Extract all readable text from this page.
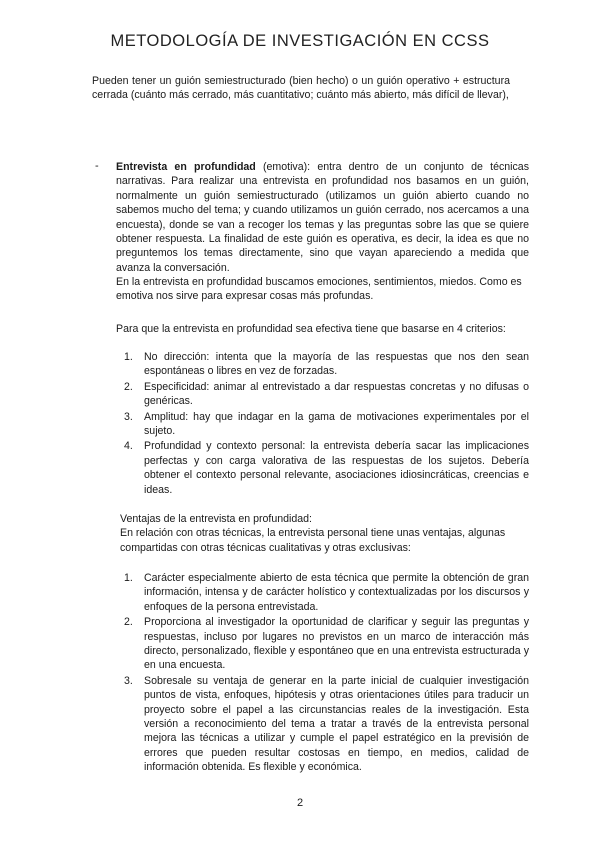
METODOLOGÍA DE INVESTIGACIÓN EN CCSS
Pueden tener un guión semiestructurado (bien hecho) o un guión operativo + estructura cerrada (cuánto más cerrado, más cuantitativo; cuánto más abierto, más difícil de llevar),
- Entrevista en profundidad (emotiva): entra dentro de un conjunto de técnicas narrativas. Para realizar una entrevista en profundidad nos basamos en un guión, normalmente un guión semiestructurado (utilizamos un guión abierto cuando no sabemos mucho del tema; y cuando utilizamos un guión cerrado, nos acercamos a una encuesta), donde se van a recoger los temas y las preguntas sobre las que se quiere obtener respuesta. La finalidad de este guión es operativa, es decir, la idea es que no preguntemos los temas directamente, sino que vayan apareciendo a medida que avanza la conversación.
En la entrevista en profundidad buscamos emociones, sentimientos, miedos. Como es emotiva nos sirve para expresar cosas más profundas.
Para que la entrevista en profundidad sea efectiva tiene que basarse en 4 criterios:
1. No dirección: intenta que la mayoría de las respuestas que nos den sean espontáneas o libres en vez de forzadas.
2. Especificidad: animar al entrevistado a dar respuestas concretas y no difusas o genéricas.
3. Amplitud: hay que indagar en la gama de motivaciones experimentales por el sujeto.
4. Profundidad y contexto personal: la entrevista debería sacar las implicaciones perfectas y con carga valorativa de las respuestas de los sujetos. Debería obtener el contexto personal relevante, asociaciones idiosincráticas, creencias e ideas.
Ventajas de la entrevista en profundidad:
En relación con otras técnicas, la entrevista personal tiene unas ventajas, algunas compartidas con otras técnicas cualitativas y otras exclusivas:
1. Carácter especialmente abierto de esta técnica que permite la obtención de gran información, intensa y de carácter holístico y contextualizadas por los discursos y enfoques de la persona entrevistada.
2. Proporciona al investigador la oportunidad de clarificar y seguir las preguntas y respuestas, incluso por lugares no previstos en un marco de interacción más directo, personalizado, flexible y espontáneo que en una entrevista estructurada y en una encuesta.
3. Sobresale su ventaja de generar en la parte inicial de cualquier investigación puntos de vista, enfoques, hipótesis y otras orientaciones útiles para traducir un proyecto sobre el papel a las circunstancias reales de la investigación. Esta versión a reconocimiento del tema a tratar a través de la entrevista personal mejora las técnicas a utilizar y cumple el papel estratégico en la previsión de errores que pueden resultar costosas en tiempo, en medios, calidad de información obtenida. Es flexible y económica.
2
